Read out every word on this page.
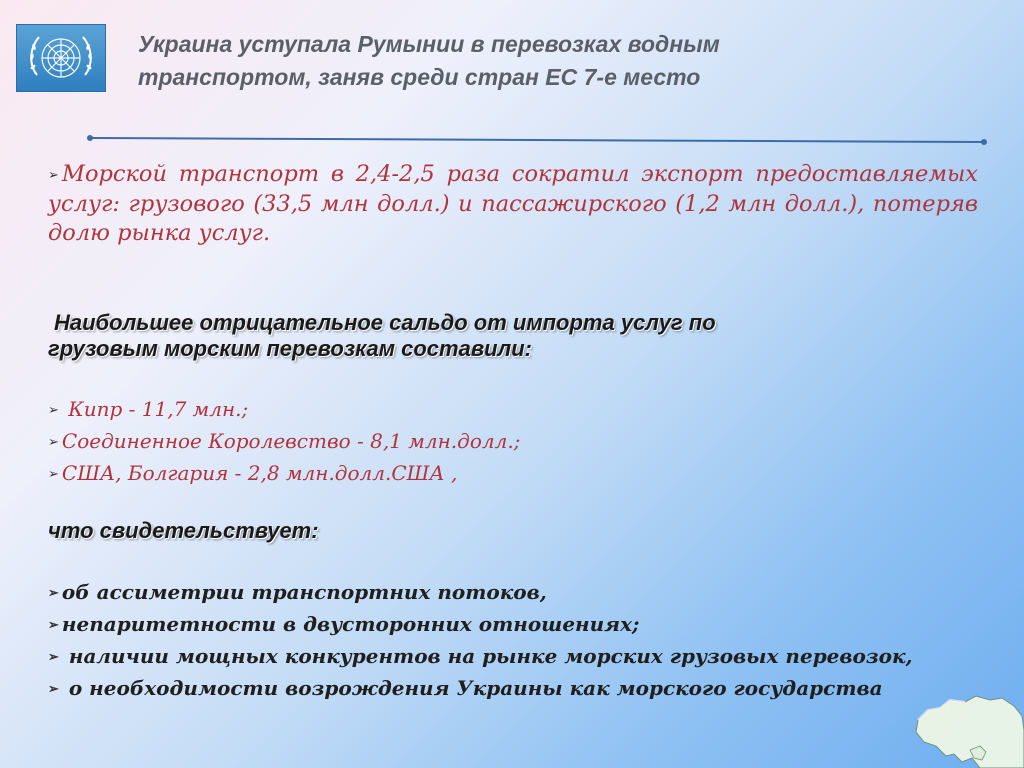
Украина уступала Румынии в перевозках водным
транспортом, заняв среди стран ЕС 7-е место

➢ Морской транспорт в 2,4-2,5 раза сократил экспорт предоставляемых услуг: грузового (33,5 млн долл.) и пассажирского (1,2 млн долл.), потеряв долю рынка услуг.

Наибольшее отрицательное сальдо от импорта услуг по
грузовым морским перевозкам составили:
➢ Кипр - 11,7 млн.;
➢ Соединенное Королевство - 8,1 млн.долл.;
➢ США, Болгария - 2,8 млн.долл.США ,
что свидетельствует:
➢ об ассиметрии транспортних потоков,
➢ непаритетности в двусторонних отношениях;
➢ наличии мощных конкурентов на рынке морских грузовых перевозок,
➢ о необходимости возрождения Украины как морского государства
